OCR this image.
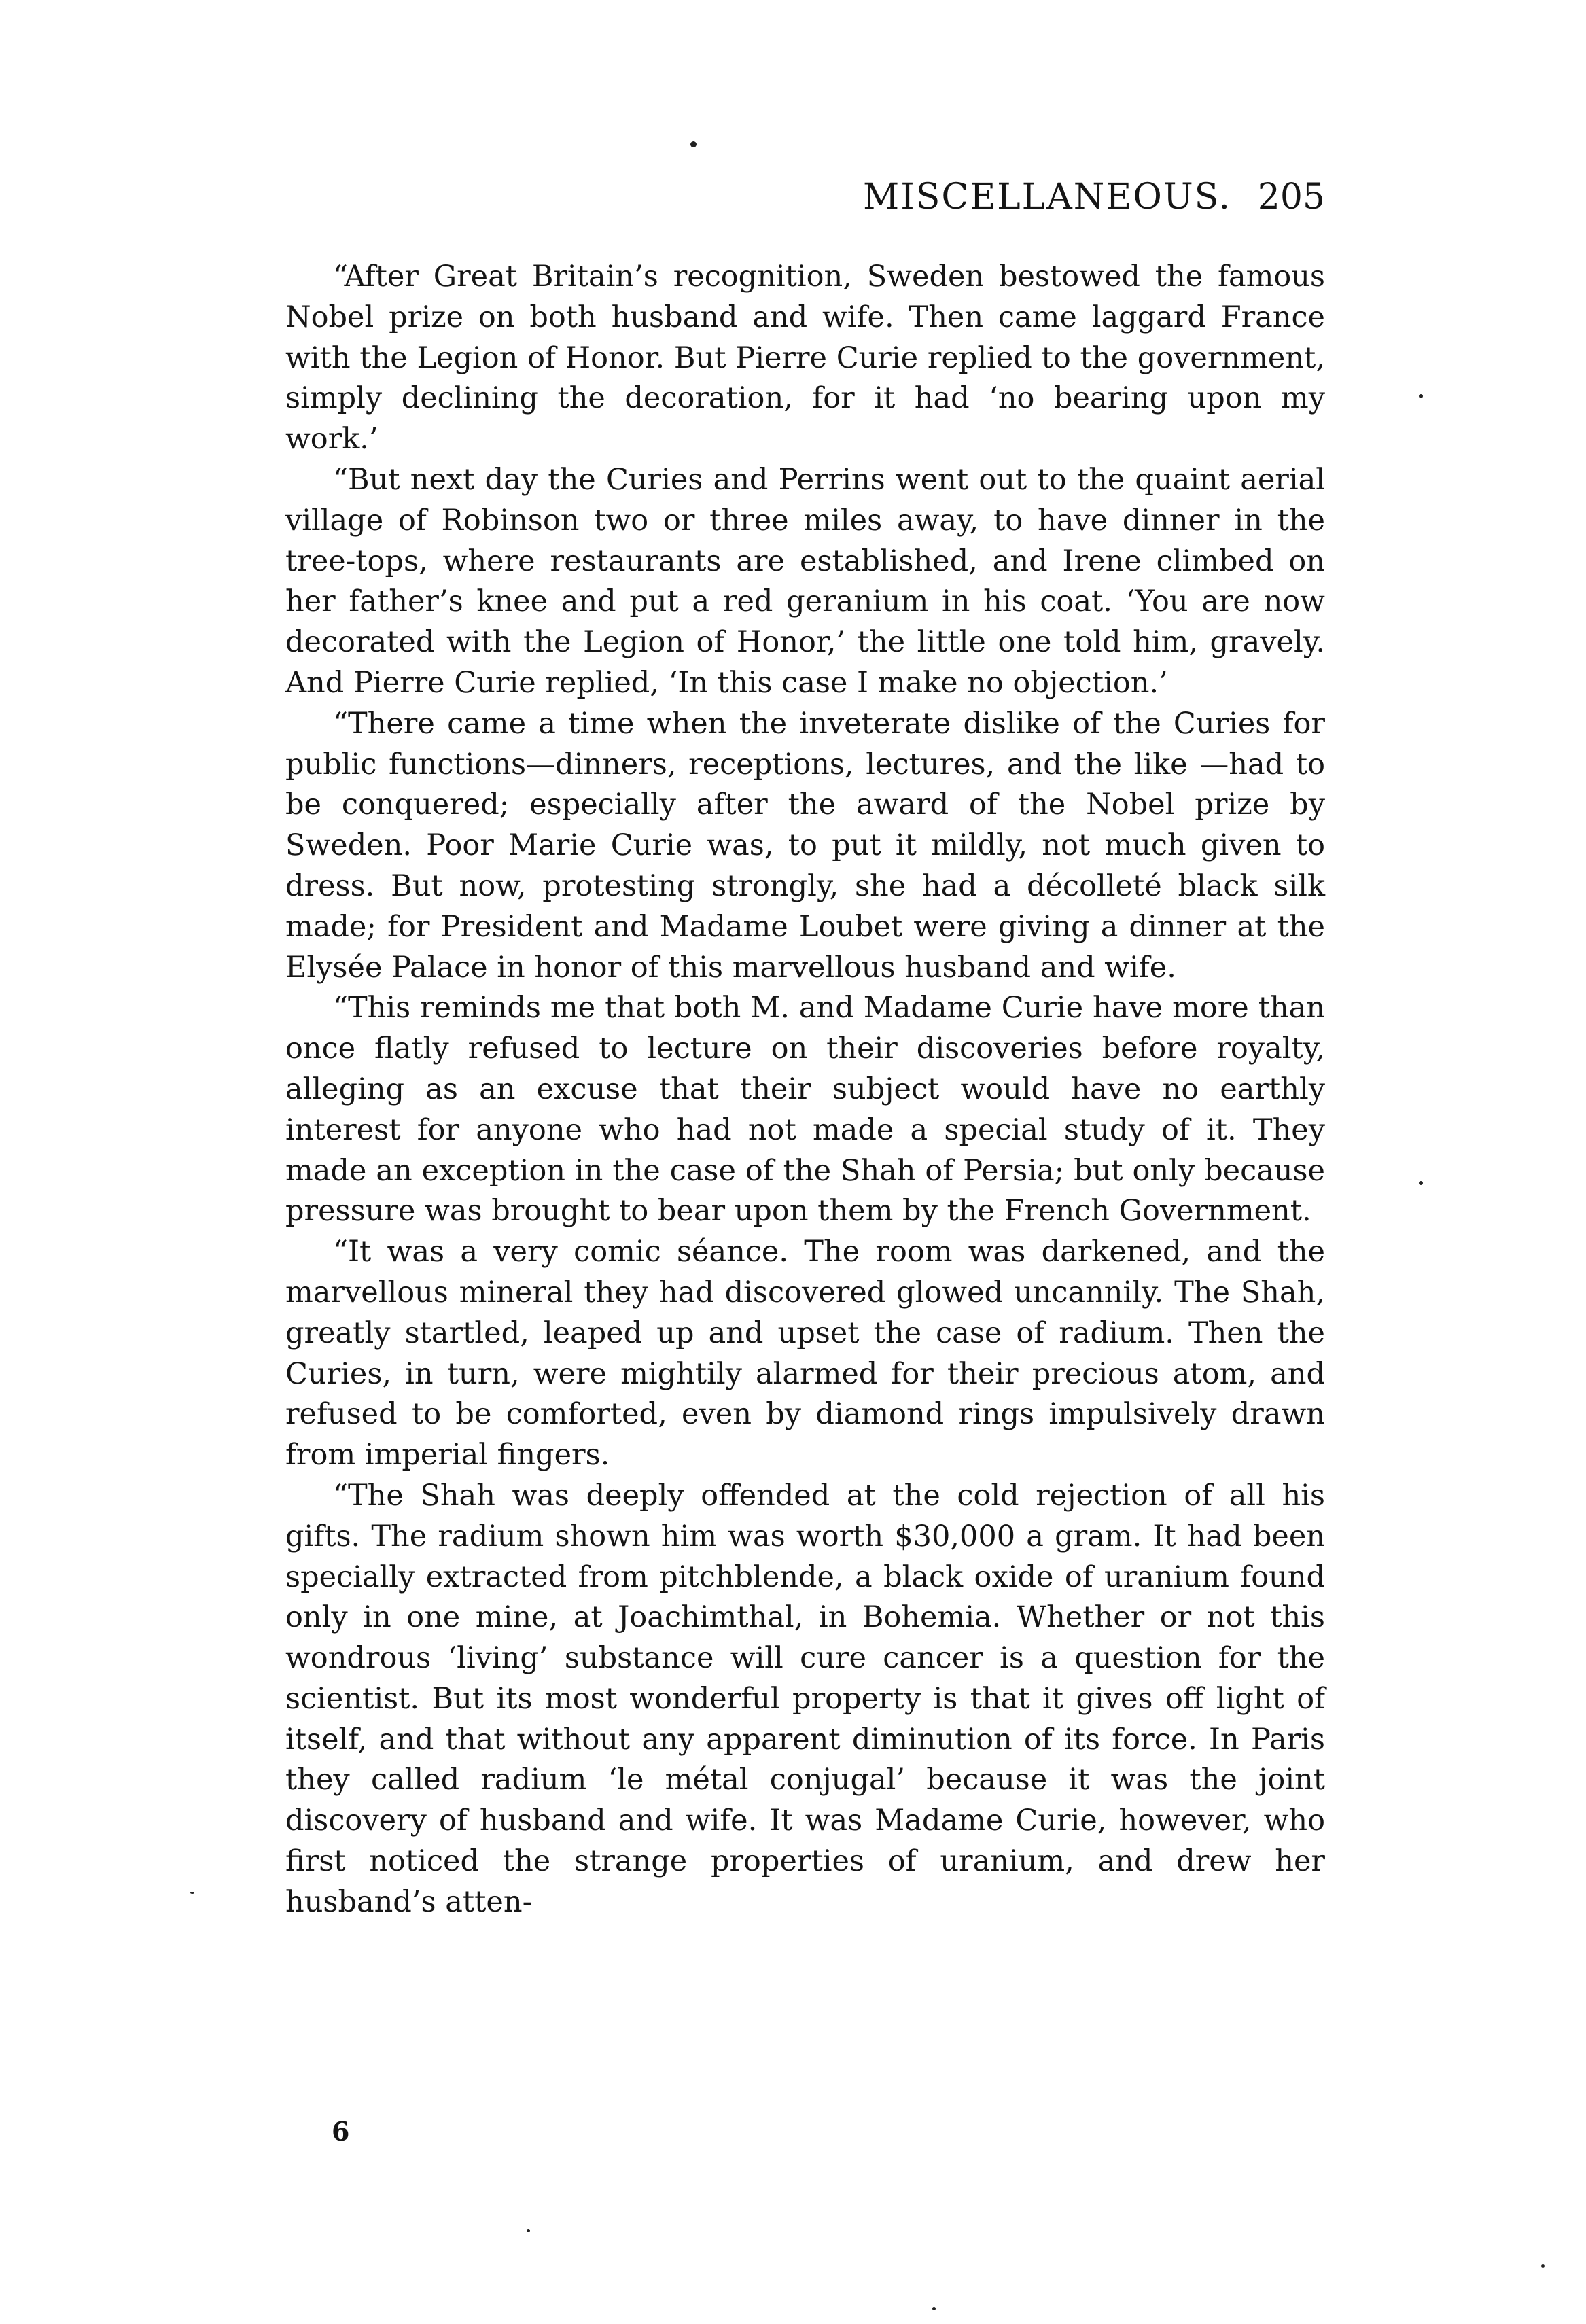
MISCELLANEOUS. 205

“After Great Britain’s recognition, Sweden bestowed the famous Nobel prize on both husband and wife. Then came laggard France with the Legion of Honor. But Pierre Curie replied to the government, simply declining the decoration, for it had ‘no bearing upon my work.’

“But next day the Curies and Perrins went out to the quaint aerial village of Robinson two or three miles away, to have dinner in the tree-tops, where restaurants are established, and Irene climbed on her father’s knee and put a red geranium in his coat. ‘You are now decorated with the Legion of Honor,’ the little one told him, gravely. And Pierre Curie replied, ‘In this case I make no objection.’

“There came a time when the inveterate dislike of the Curies for public functions—dinners, receptions, lectures, and the like —had to be conquered; especially after the award of the Nobel prize by Sweden. Poor Marie Curie was, to put it mildly, not much given to dress. But now, protesting strongly, she had a décolleté black silk made; for President and Madame Loubet were giving a dinner at the Elysée Palace in honor of this marvellous husband and wife.

“This reminds me that both M. and Madame Curie have more than once flatly refused to lecture on their discoveries before royalty, alleging as an excuse that their subject would have no earthly interest for anyone who had not made a special study of it. They made an exception in the case of the Shah of Persia; but only because pressure was brought to bear upon them by the French Government.

“It was a very comic séance. The room was darkened, and the marvellous mineral they had discovered glowed uncannily. The Shah, greatly startled, leaped up and upset the case of radium. Then the Curies, in turn, were mightily alarmed for their precious atom, and refused to be comforted, even by diamond rings impulsively drawn from imperial fingers.

“The Shah was deeply offended at the cold rejection of all his gifts. The radium shown him was worth $30,000 a gram. It had been specially extracted from pitchblende, a black oxide of uranium found only in one mine, at Joachimthal, in Bohemia. Whether or not this wondrous ‘living’ substance will cure cancer is a question for the scientist. But its most wonderful property is that it gives off light of itself, and that without any apparent diminution of its force. In Paris they called radium ‘le métal conjugal’ because it was the joint discovery of husband and wife. It was Madame Curie, however, who first noticed the strange properties of uranium, and drew her husband’s atten-

6
